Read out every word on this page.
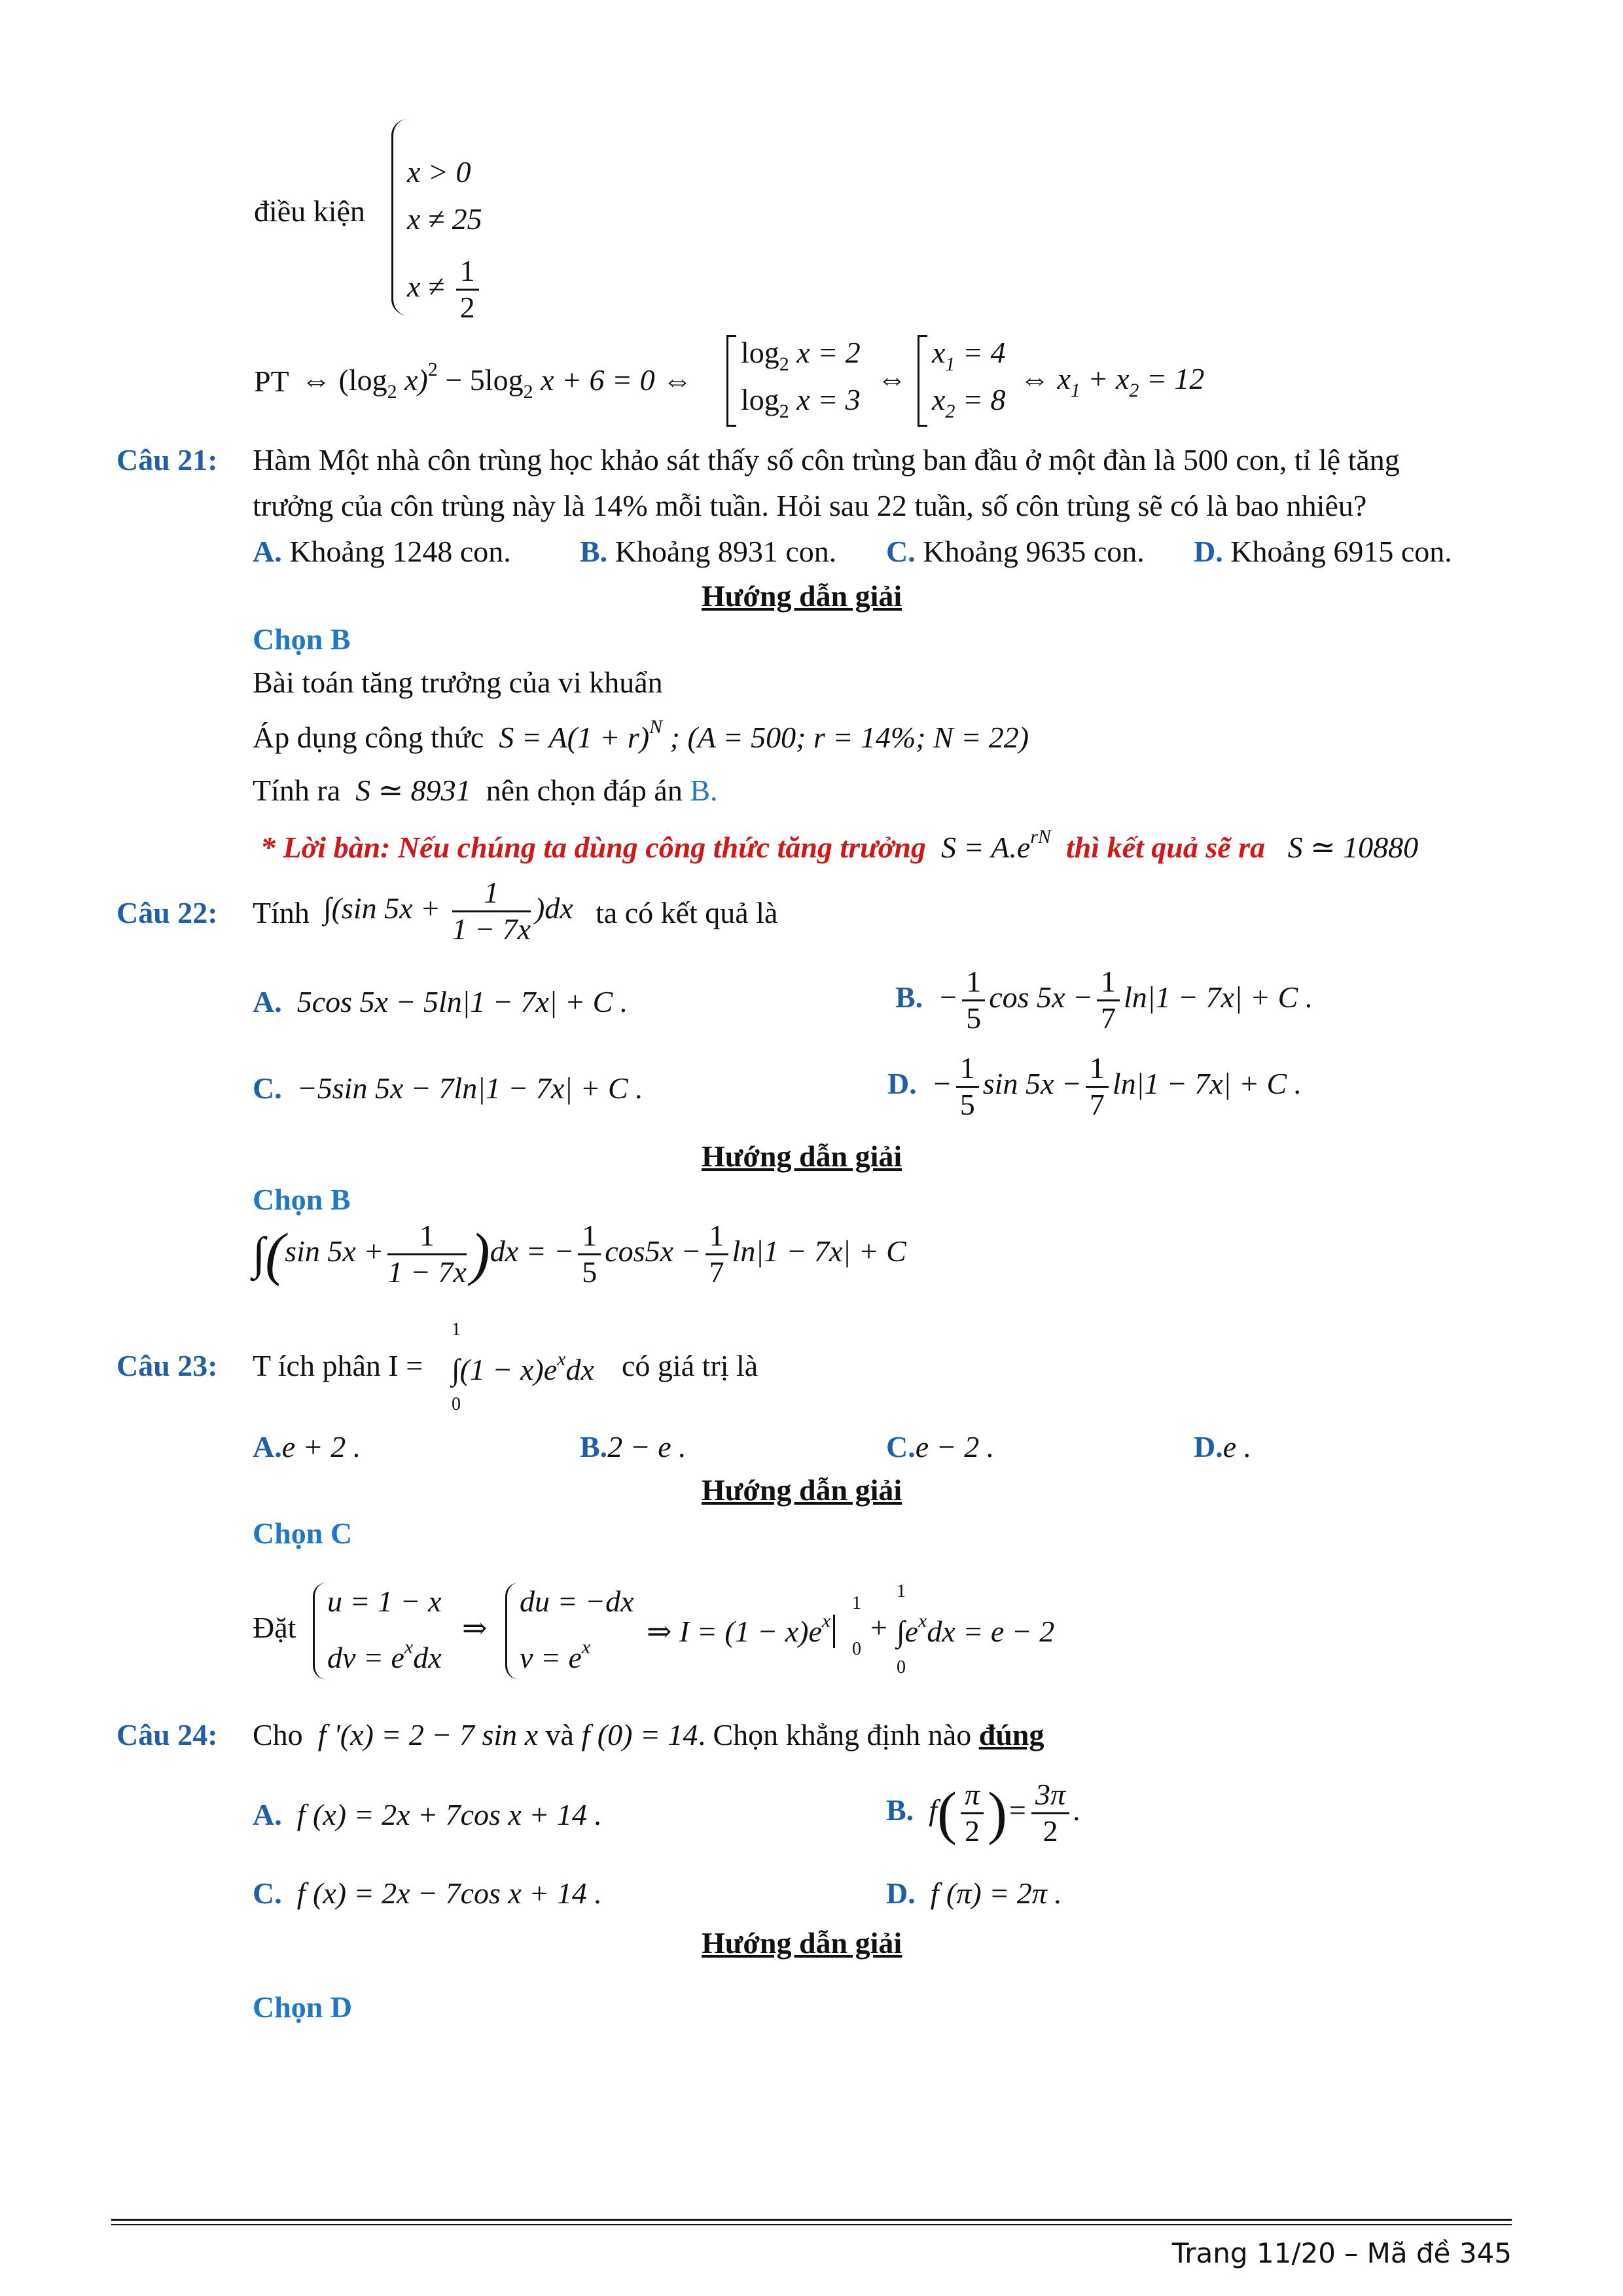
điều kiện
x > 0
x ≠ 25
$x \ne \frac{1}{2}$
PT ⇔ ($\log_2$ $x)^2 - 5\log_2$ x + 6 = 0 ⇔
$\log_2 x = 2$
$\log_2 x = 3$
⇔
$x_1 = 4$
$x_2 = 8$
⇔ $x_1 + x_2 = 12$
Câu 21: Hàm Một nhà côn trùng học khảo sát thấy số côn trùng ban đầu ở một đàn là 500 con, tỉ lệ tăng
trưởng của côn trùng này là 14% mỗi tuần. Hỏi sau 22 tuần, số côn trùng sẽ có là bao nhiêu?
A. Khoảng 1248 con. B. Khoảng 8931 con. C. Khoảng 9635 con. D. Khoảng 6915 con.
Hướng dẫn giải
Chọn B
Bài toán tăng trưởng của vi khuẩn
Áp dụng công thức $S = A(1 + r)^N$ ; (A = 500; r = 14%; N = 22)
Tính ra S ≃ 8931 nên chọn đáp án B.
* Lời bàn: Nếu chúng ta dùng công thức tăng trưởng $S = A.e^{rN}$ thì kết quả sẽ ra S ≃ 10880
Câu 22: Tính ∫(sin $5x + \frac{1}{1 - 7x} )dx$ ta có kết quả là
A. 5cos 5x − 5ln|1 − 7x| + C .	B. − $\frac{1}{5}$ $\cos 5x - \frac{1}{7} \ln|1 - 7x| + C$ .
C. −5sin 5x − 7ln|1 − 7x| + C .	D. − $\frac{1}{5}$ $\sin 5x - \frac{1}{7} \ln|1 - 7x| + C$ .
Hướng dẫn giải
Chọn B
∫(sin $5x + \frac{1}{1 - 7x} )dx$ = − $\frac{1}{5} \cos 5x - \frac{1}{7} \ln|1 - 7x| + C$
Câu 23: T ích phân I =
1
0
$\int(1 - x)e^xdx$ có giá trị là
A.e + 2 .	B.2 − e .	C.e − 2 .	D.e .
Hướng dẫn giải
Chọn C
Đặt
u = 1 − x
dv = $e^xdx$
⇒
du = −dx
$v = e^x$ ⇒ $I = (1 - x)e^x$
1
0
+
1
0
$\int e^xdx = e - 2$
Câu 24: Cho f '(x) = 2 − 7 sin x và f (0) = 14. Chọn khẳng định nào đúng
A. f (x) = 2x + 7cos x + 14 .	B. $f( \frac{\pi}{2}$ )= $\frac{3\pi}{2}$ .
C. f (x) = 2x − 7cos x + 14 .	D. f (π) = 2π .
Hướng dẫn giải
Chọn D
Trang 11/20 – Mã đề 345
